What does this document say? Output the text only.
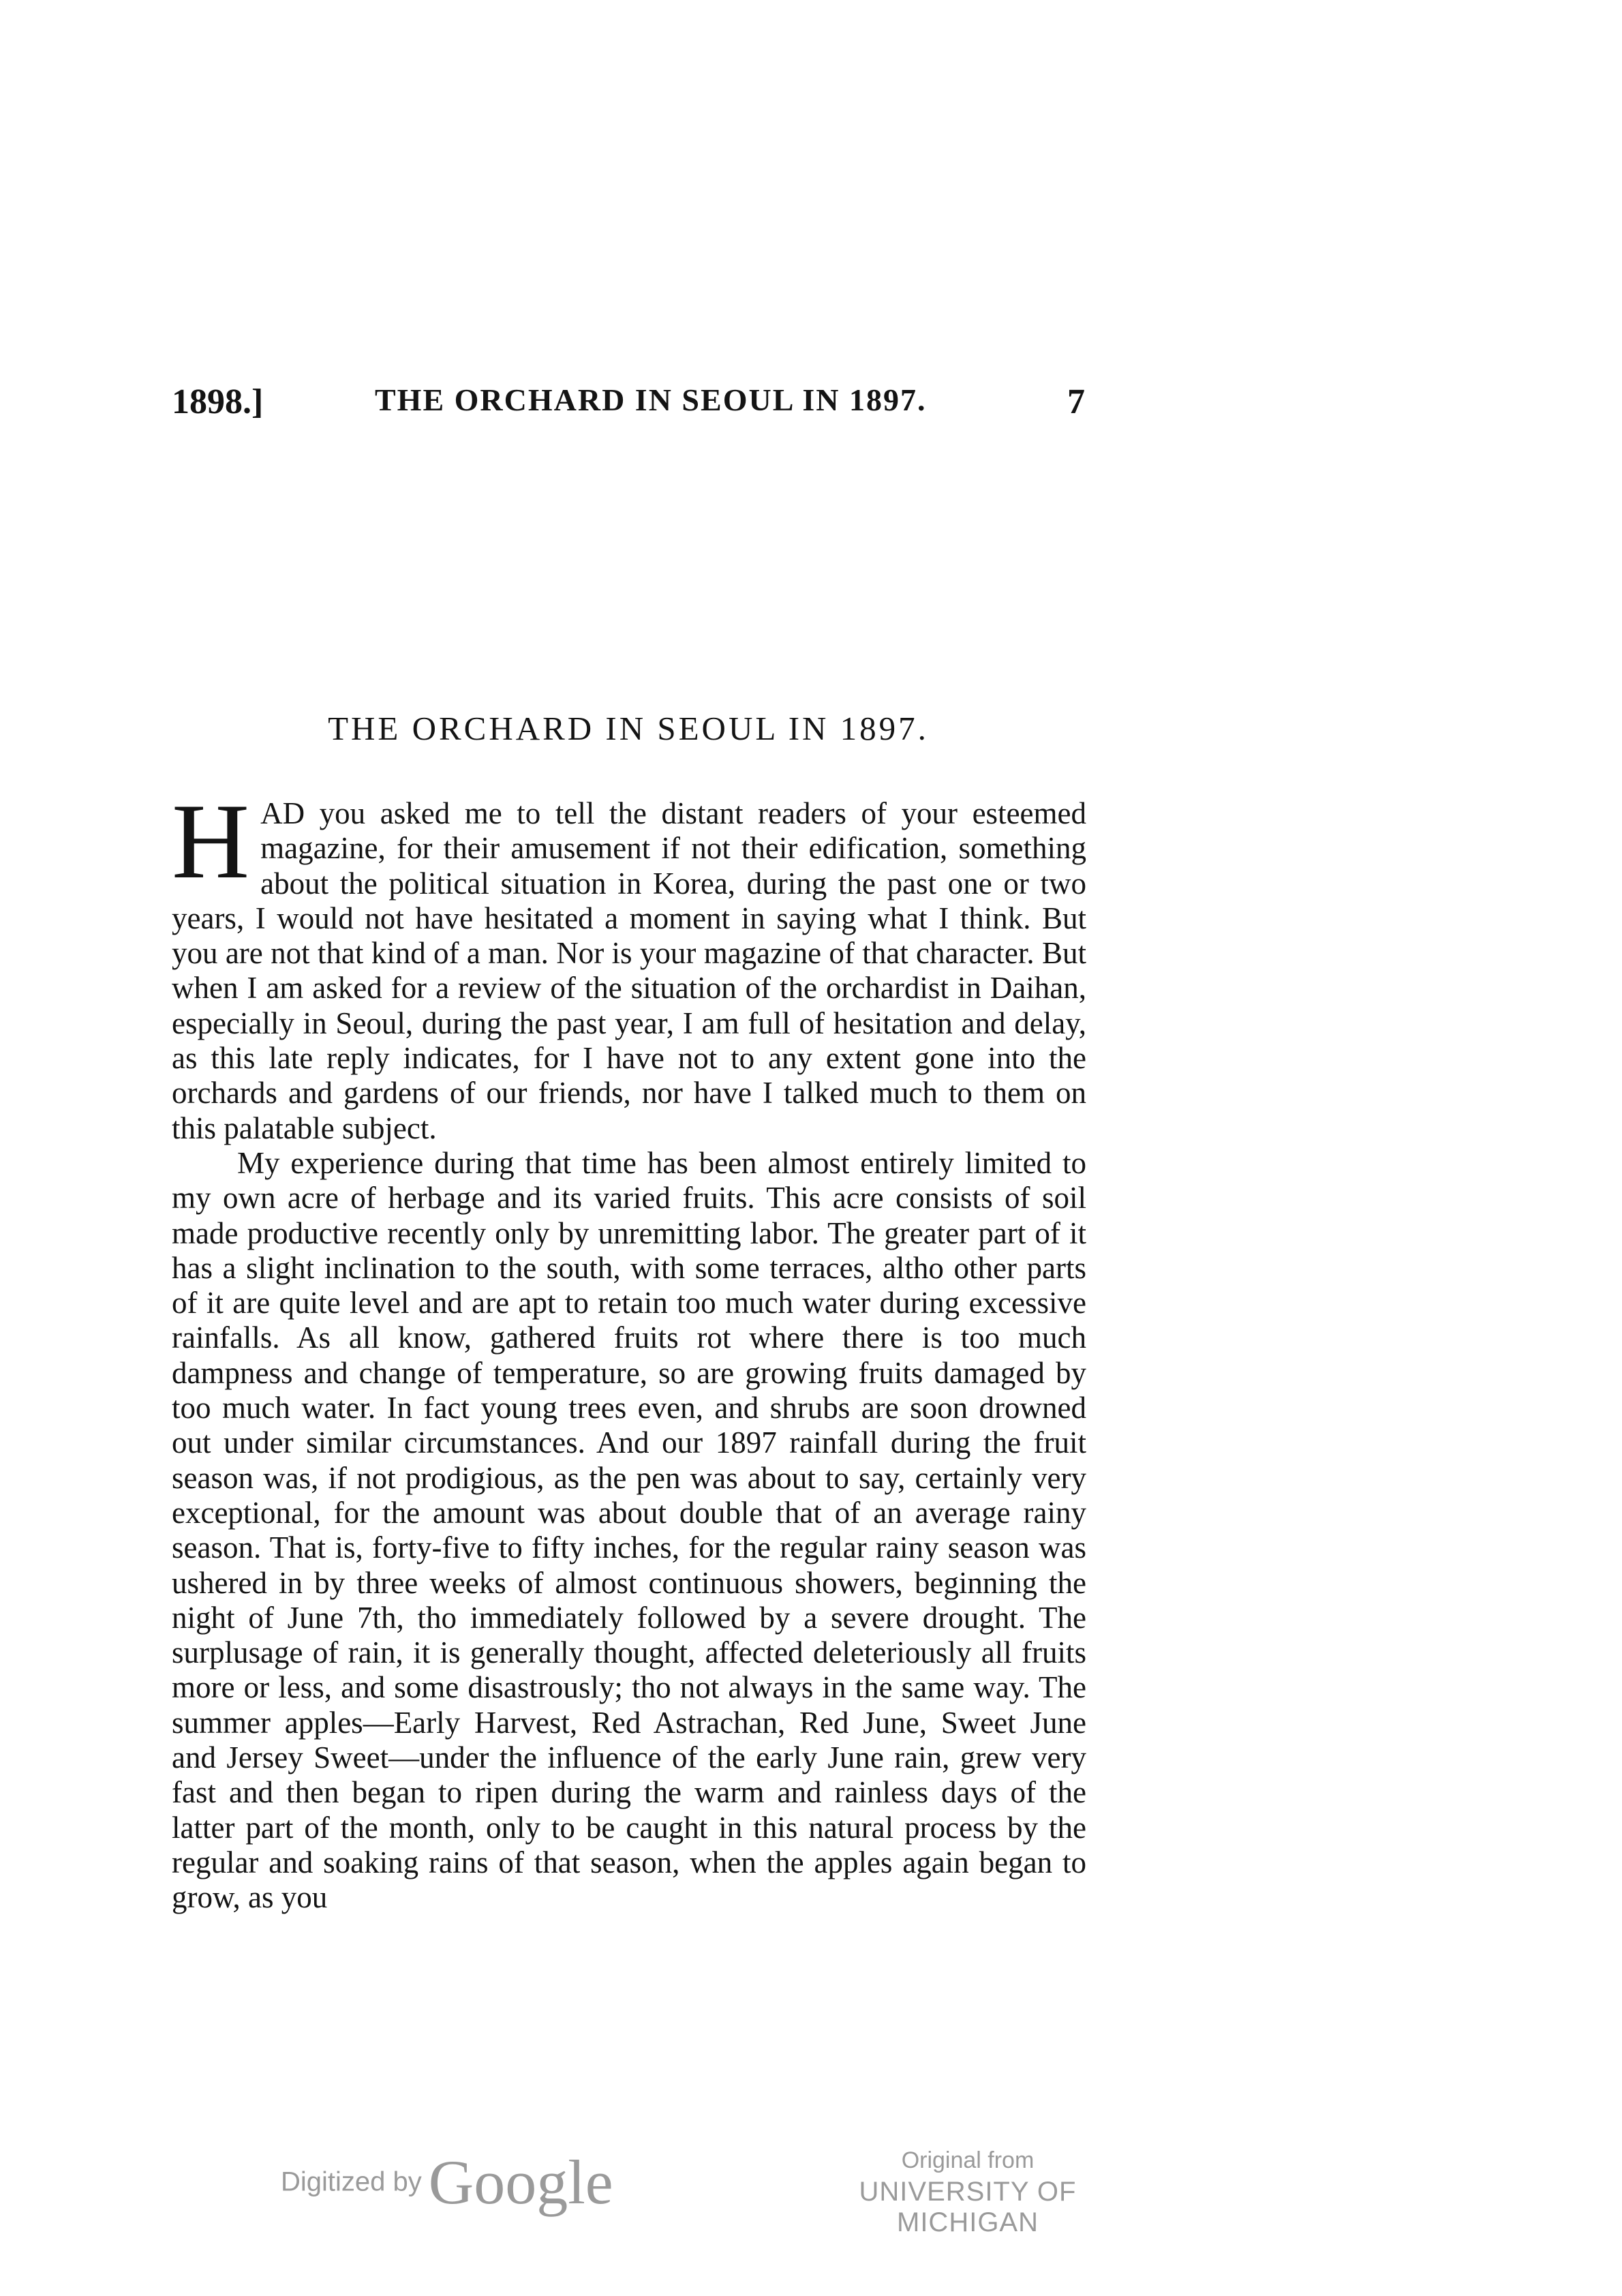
1898.]	THE ORCHARD IN SEOUL IN 1897.	7
THE ORCHARD IN SEOUL IN 1897.

HAD you asked me to tell the distant readers of your esteemed magazine, for their amusement if not their edification, something about the political situation in Korea, during the past one or two years, I would not have hesitated a moment in saying what I think. But you are not that kind of a man. Nor is your magazine of that character. But when I am asked for a review of the situation of the orchardist in Daihan, especially in Seoul, during the past year, I am full of hesitation and delay, as this late reply indicates, for I have not to any extent gone into the orchards and gardens of our friends, nor have I talked much to them on this palatable subject.

My experience during that time has been almost entirely limited to my own acre of herbage and its varied fruits. This acre consists of soil made productive recently only by unremitting labor. The greater part of it has a slight inclination to the south, with some terraces, altho other parts of it are quite level and are apt to retain too much water during excessive rainfalls. As all know, gathered fruits rot where there is too much dampness and change of temperature, so are growing fruits damaged by too much water. In fact young trees even, and shrubs are soon drowned out under similar circumstances. And our 1897 rainfall during the fruit season was, if not prodigious, as the pen was about to say, certainly very exceptional, for the amount was about double that of an average rainy season. That is, forty-five to fifty inches, for the regular rainy season was ushered in by three weeks of almost continuous showers, beginning the night of June 7th, tho immediately followed by a severe drought. The surplusage of rain, it is generally thought, affected deleteriously all fruits more or less, and some disastrously; tho not always in the same way. The summer apples—Early Harvest, Red Astrachan, Red June, Sweet June and Jersey Sweet—under the influence of the early June rain, grew very fast and then began to ripen during the warm and rainless days of the latter part of the month, only to be caught in this natural process by the regular and soaking rains of that season, when the apples again began to grow, as you

Digitized by Google	Original from
UNIVERSITY OF MICHIGAN
